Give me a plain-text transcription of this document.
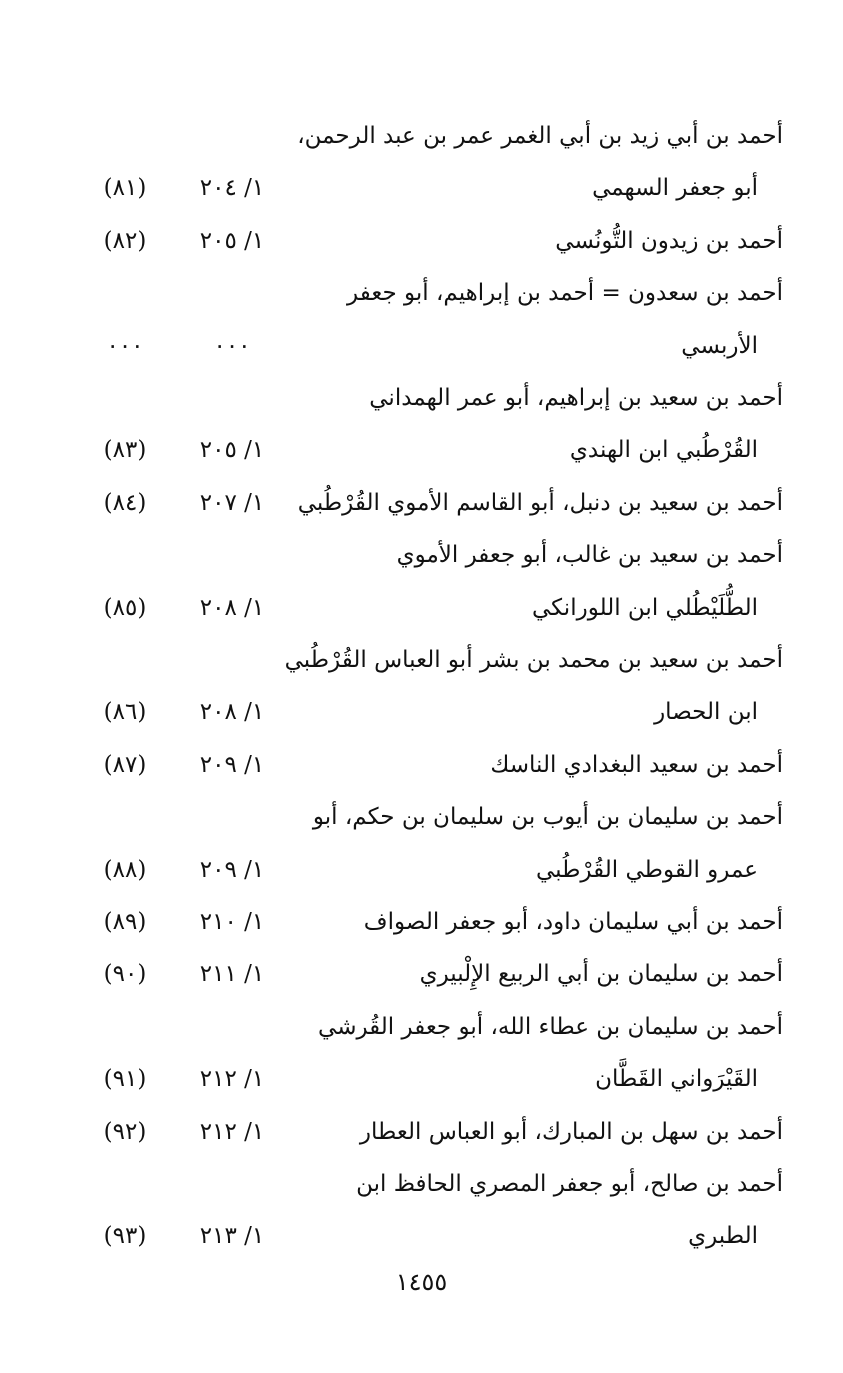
أحمد بن أبي زيد بن أبي الغمر عمر بن عبد الرحمن،
أبو جعفر السهمي
١/ ٢٠٤
(٨١)
أحمد بن زيدون التُّونُسي
١/ ٢٠٥
(٨٢)
أحمد بن سعدون = أحمد بن إبراهيم، أبو جعفر
الأربسي
٠٠٠
٠٠٠
أحمد بن سعيد بن إبراهيم، أبو عمر الهمداني
القُرْطُبي ابن الهندي
١/ ٢٠٥
(٨٣)
أحمد بن سعيد بن دنبل، أبو القاسم الأموي القُرْطُبي
١/ ٢٠٧
(٨٤)
أحمد بن سعيد بن غالب، أبو جعفر الأموي
الطُّلَيْطُلي ابن اللورانكي
١/ ٢٠٨
(٨٥)
أحمد بن سعيد بن محمد بن بشر أبو العباس القُرْطُبي
ابن الحصار
١/ ٢٠٨
(٨٦)
أحمد بن سعيد البغدادي الناسك
١/ ٢٠٩
(٨٧)
أحمد بن سليمان بن أيوب بن سليمان بن حكم، أبو
عمرو القوطي القُرْطُبي
١/ ٢٠٩
(٨٨)
أحمد بن أبي سليمان داود، أبو جعفر الصواف
١/ ٢١٠
(٨٩)
أحمد بن سليمان بن أبي الربيع الإِلْبيري
١/ ٢١١
(٩٠)
أحمد بن سليمان بن عطاء الله، أبو جعفر القُرشي
القَيْرَواني القَطَّان
١/ ٢١٢
(٩١)
أحمد بن سهل بن المبارك، أبو العباس العطار
١/ ٢١٢
(٩٢)
أحمد بن صالح، أبو جعفر المصري الحافظ ابن
الطبري
١/ ٢١٣
(٩٣)
١٤٥٥
